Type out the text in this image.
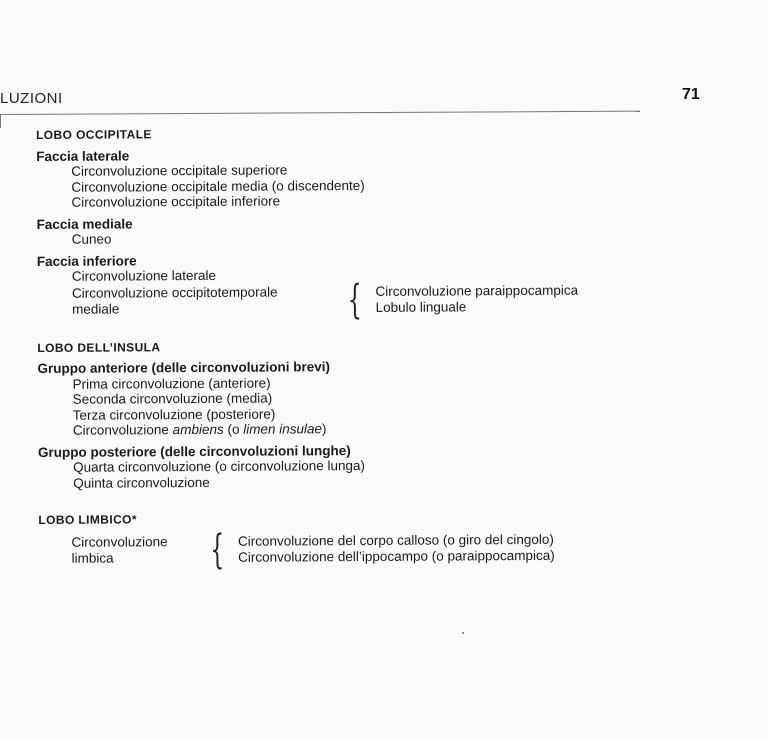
LUZIONI	71
LOBO OCCIPITALE
Faccia laterale
Circonvoluzione occipitale superiore
Circonvoluzione occipitale media (o discendente)
Circonvoluzione occipitale inferiore
Faccia mediale
Cuneo
Faccia inferiore
Circonvoluzione laterale
Circonvoluzione occipitotemporale
mediale	{ Circonvoluzione paraippocampica
Lobulo linguale
LOBO DELL’INSULA
Gruppo anteriore (delle circonvoluzioni brevi)
Prima circonvoluzione (anteriore)
Seconda circonvoluzione (media)
Terza circonvoluzione (posteriore)
Circonvoluzione ambiens (o limen insulae)
Gruppo posteriore (delle circonvoluzioni lunghe)
Quarta circonvoluzione (o circonvoluzione lunga)
Quinta circonvoluzione
LOBO LIMBICO*
Circonvoluzione
limbica	{ Circonvoluzione del corpo calloso (o giro del cingolo)
Circonvoluzione dell’ippocampo (o paraippocampica)
